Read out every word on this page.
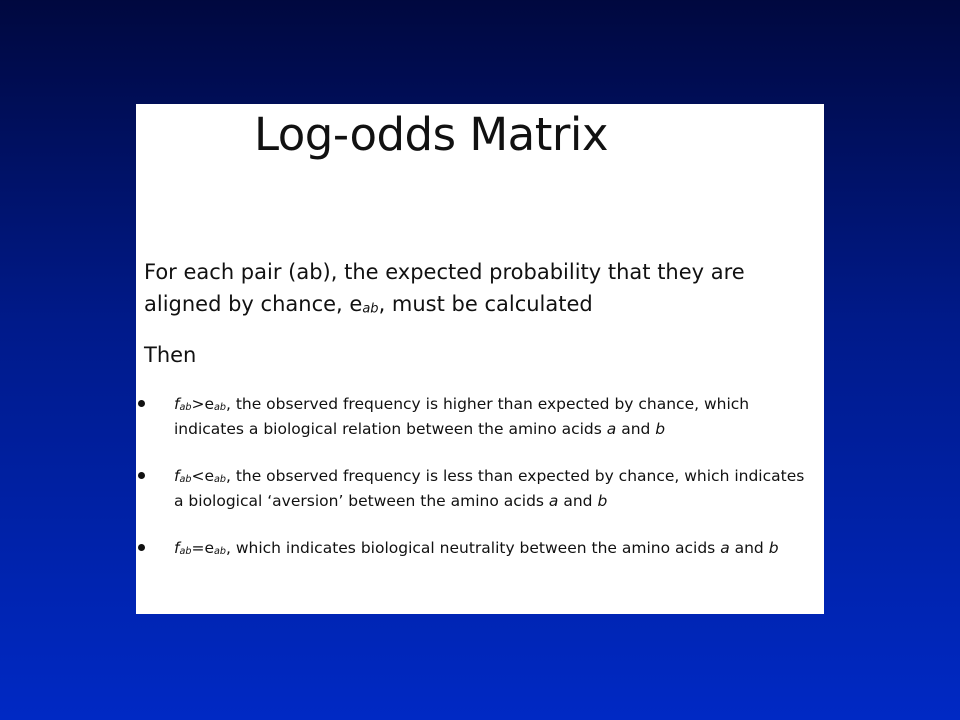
Log-odds Matrix

For each pair (ab), the expected probability that they are aligned by chance, $e_{ab}$, must be calculated

Then

$f_{ab}>e_{ab}$, the observed frequency is higher than expected by chance, which indicates a biological relation between the amino acids a and b
$f_{ab}<e_{ab}$, the observed frequency is less than expected by chance, which indicates a biological ‘aversion’ between the amino acids a and b
$f_{ab}=e_{ab}$, which indicates biological neutrality between the amino acids a and b
